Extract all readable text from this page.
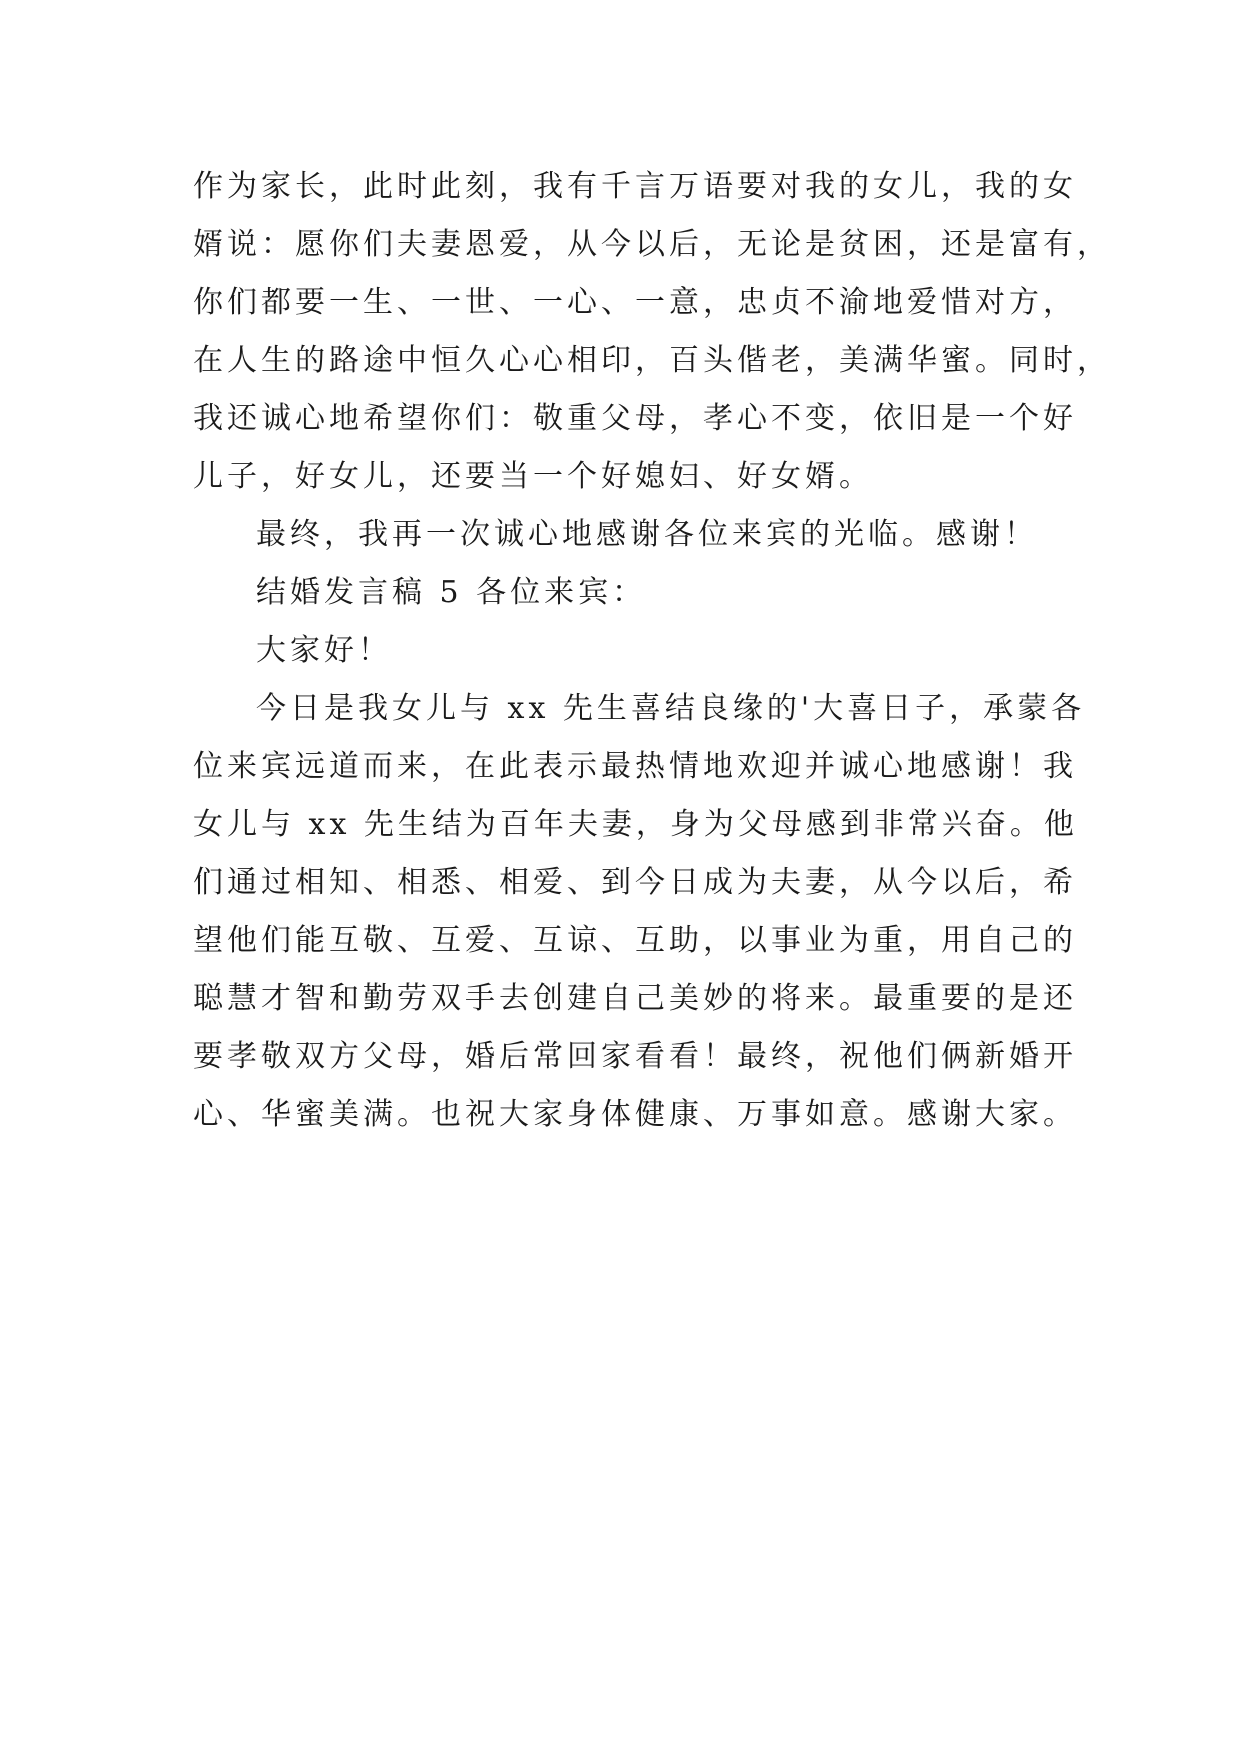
作为家长，此时此刻，我有千言万语要对我的女儿，我的女

婿说：愿你们夫妻恩爱，从今以后，无论是贫困，还是富有，

你们都要一生、一世、一心、一意，忠贞不渝地爱惜对方，

在人生的路途中恒久心心相印，百头偕老，美满华蜜。同时，

我还诚心地希望你们：敬重父母，孝心不变，依旧是一个好

儿子，好女儿，还要当一个好媳妇、好女婿。

最终，我再一次诚心地感谢各位来宾的光临。感谢！

结婚发言稿 5 各位来宾：

大家好！

今日是我女儿与 xx 先生喜结良缘的'大喜日子，承蒙各

位来宾远道而来，在此表示最热情地欢迎并诚心地感谢！我

女儿与 xx 先生结为百年夫妻，身为父母感到非常兴奋。他

们通过相知、相悉、相爱、到今日成为夫妻，从今以后，希

望他们能互敬、互爱、互谅、互助，以事业为重，用自己的

聪慧才智和勤劳双手去创建自己美妙的将来。最重要的是还

要孝敬双方父母，婚后常回家看看！最终，祝他们俩新婚开

心、华蜜美满。也祝大家身体健康、万事如意。感谢大家。
